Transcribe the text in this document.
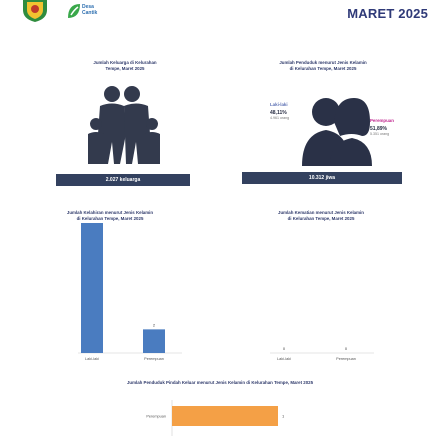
Desa Cantik	MARET 2025
Jumlah Keluarga di Kelurahan
Tempe, Maret 2025
2.027 keluarga
Jumlah Penduduk menurut Jenis Kelamin
di Kelurahan Tempe, Maret 2025
Laki-laki
48,11%
4.961 orang	Perempuan
51,89%
5.351 orang
10.312 jiwa
Jumlah Kelahiran menurut Jenis Kelamin
di Kelurahan Tempe, Maret 2025
Laki-laki
2
Perempuan
Jumlah Kematian menurut Jenis Kelamin
di Kelurahan Tempe, Maret 2025
0
Laki-laki
0
Perempuan
Jumlah Penduduk Pindah Keluar menurut Jenis Kelamin di Kelurahan Tempe, Maret 2025
Perempuan	1
